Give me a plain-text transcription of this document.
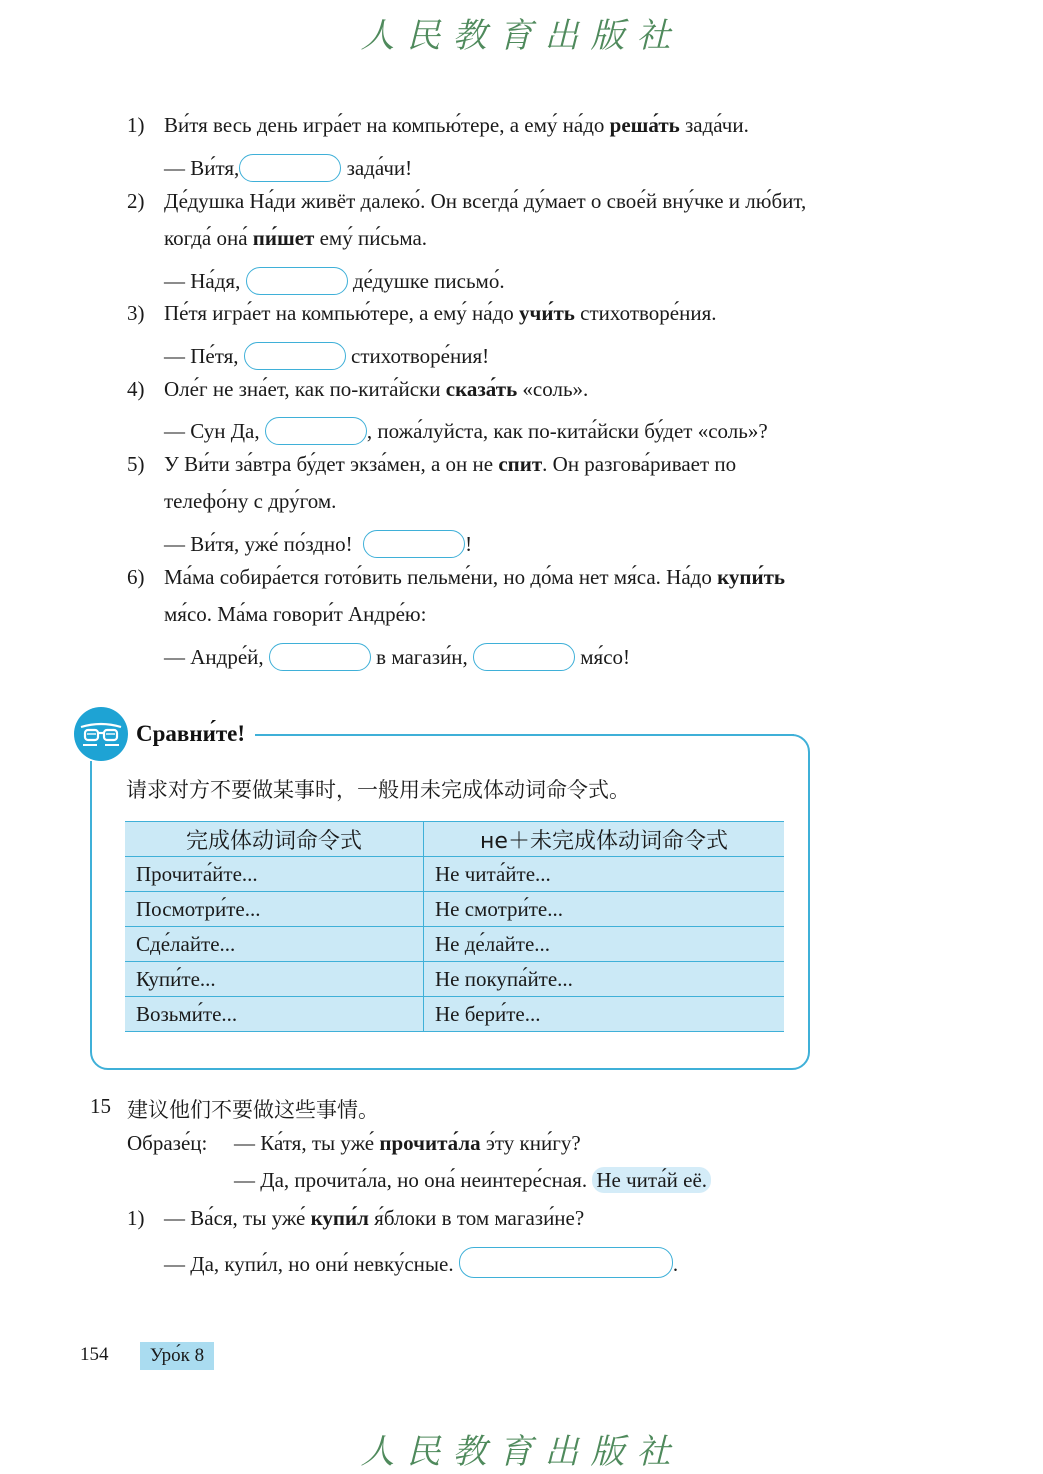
人民教育出版社
人民教育出版社
1) Ви́тя весь день игра́ет на компью́тере, а ему́ на́до реша́ть зада́чи.
— Ви́тя,	зада́чи!
2) Де́душка На́ди живёт далеко́. Он всегда́ ду́мает о свое́й вну́чке и лю́бит,
когда́ она́ пи́шет ему́ пи́сьма.
— На́дя,	де́душке письмо́.
3) Пе́тя игра́ет на компью́тере, а ему́ на́до учи́ть стихотворе́ния.
— Пе́тя,	стихотворе́ния!
4) Оле́г не зна́ет, как по-кита́йски сказа́ть «соль».
— Сун Да,	, пожа́луйста, как по-кита́йски бу́дет «соль»?
5) У Ви́ти за́втра бу́дет экза́мен, а он не спит. Он разгова́ривает по
телефо́ну с дру́гом.
— Ви́тя, уже́ по́здно!	!
6) Ма́ма собира́ется гото́вить пельме́ни, но до́ма нет мя́са. На́до купи́ть
мя́со. Ма́ма говори́т Андре́ю:
— Андре́й,	в магази́н,	мя́со!
Сравни́те!
请求对方不要做某事时，一般用未完成体动词命令式。
完成体动词命令式	не＋未完成体动词命令式
Прочита́йте...	Не чита́йте...
Посмотри́те...	Не смотри́те...
Сде́лайте...	Не де́лайте...
Купи́те...	Не покупа́йте...
Возьми́те...	Не бери́те...
15 建议他们不要做这些事情。
Образе́ц: — Ка́тя, ты уже́ прочита́ла э́ту кни́гу?
— Да, прочита́ла, но она́ неинтере́сная. Не чита́й её.
1) — Ва́ся, ты уже́ купи́л я́блоки в том магази́не?
— Да, купи́л, но они́ невку́сные.	.
154	Уро́к 8
